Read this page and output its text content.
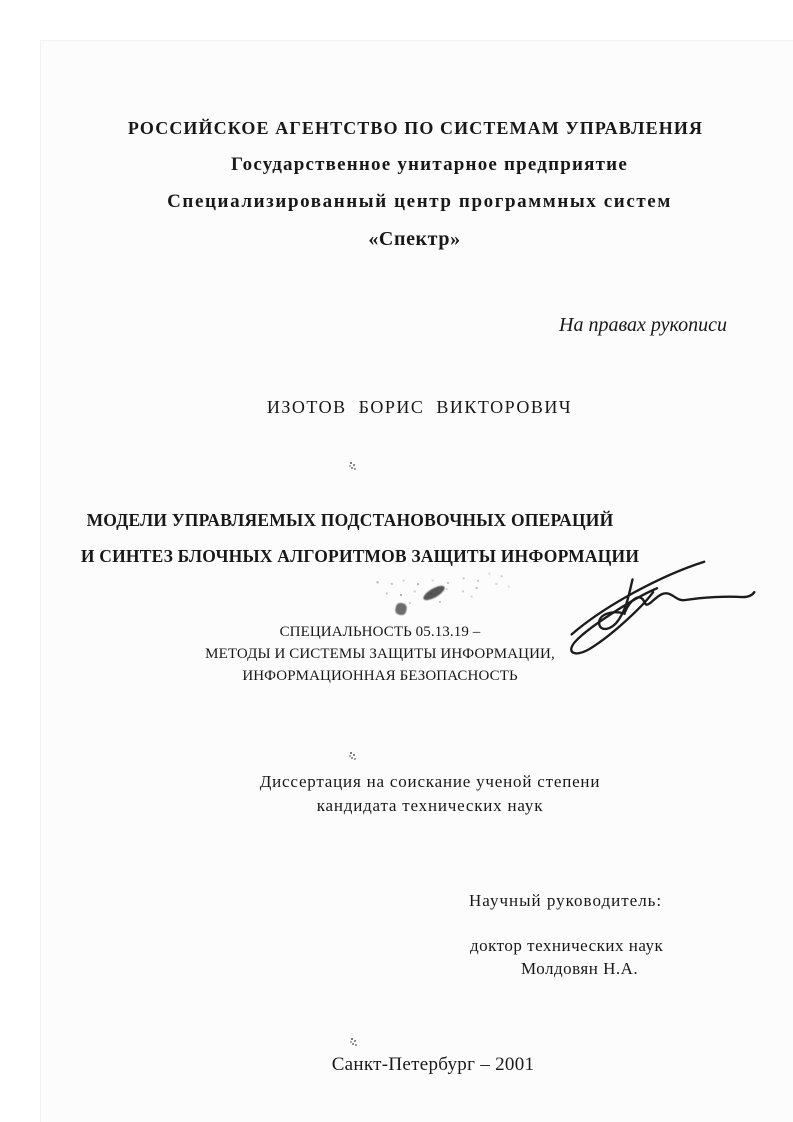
РОССИЙСКОЕ АГЕНТСТВО ПО СИСТЕМАМ УПРАВЛЕНИЯ
Государственное унитарное предприятие
Специализированный центр программных систем
«Спектр»
На правах рукописи
ИЗОТОВ БОРИС ВИКТОРОВИЧ
МОДЕЛИ УПРАВЛЯЕМЫХ ПОДСТАНОВОЧНЫХ ОПЕРАЦИЙ
И СИНТЕЗ БЛОЧНЫХ АЛГОРИТМОВ ЗАЩИТЫ ИНФОРМАЦИИ
СПЕЦИАЛЬНОСТЬ 05.13.19 –
МЕТОДЫ И СИСТЕМЫ ЗАЩИТЫ ИНФОРМАЦИИ,
ИНФОРМАЦИОННАЯ БЕЗОПАСНОСТЬ
Диссертация на соискание ученой степени
кандидата технических наук
Научный руководитель:
доктор технических наук
Молдовян Н.А.
Санкт-Петербург – 2001
